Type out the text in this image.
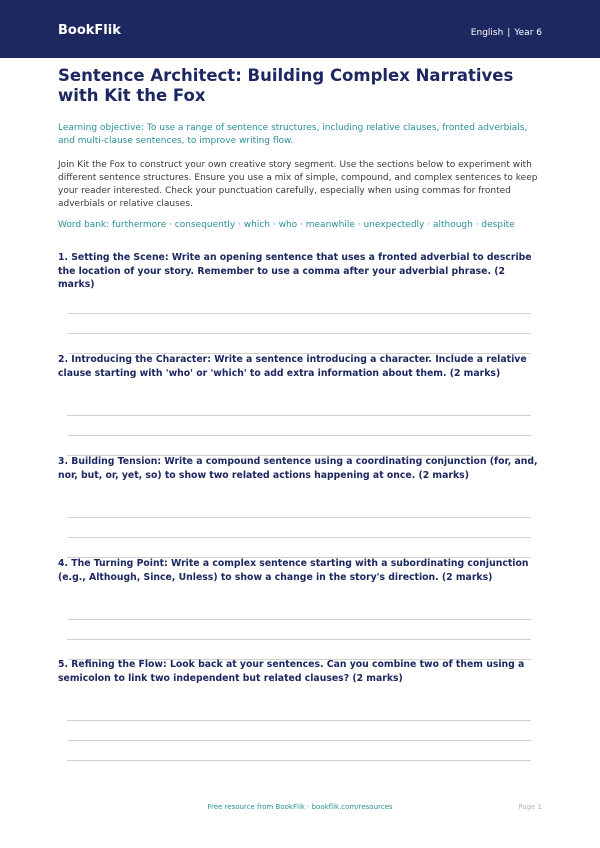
BookFlik	English | Year 6
Sentence Architect: Building Complex Narratives with Kit the Fox

Learning objective: To use a range of sentence structures, including relative clauses, fronted adverbials, and multi-clause sentences, to improve writing flow.

Join Kit the Fox to construct your own creative story segment. Use the sections below to experiment with different sentence structures. Ensure you use a mix of simple, compound, and complex sentences to keep your reader interested. Check your punctuation carefully, especially when using commas for fronted adverbials or relative clauses.

Word bank: furthermore · consequently · which · who · meanwhile · unexpectedly · although · despite

1. Setting the Scene: Write an opening sentence that uses a fronted adverbial to describe the location of your story. Remember to use a comma after your adverbial phrase. (2 marks)
2. Introducing the Character: Write a sentence introducing a character. Include a relative clause starting with 'who' or 'which' to add extra information about them. (2 marks)
3. Building Tension: Write a compound sentence using a coordinating conjunction (for, and, nor, but, or, yet, so) to show two related actions happening at once. (2 marks)
4. The Turning Point: Write a complex sentence starting with a subordinating conjunction (e.g., Although, Since, Unless) to show a change in the story's direction. (2 marks)
5. Refining the Flow: Look back at your sentences. Can you combine two of them using a semicolon to link two independent but related clauses? (2 marks)
Free resource from BookFlik · bookflik.com/resources	Page 1
